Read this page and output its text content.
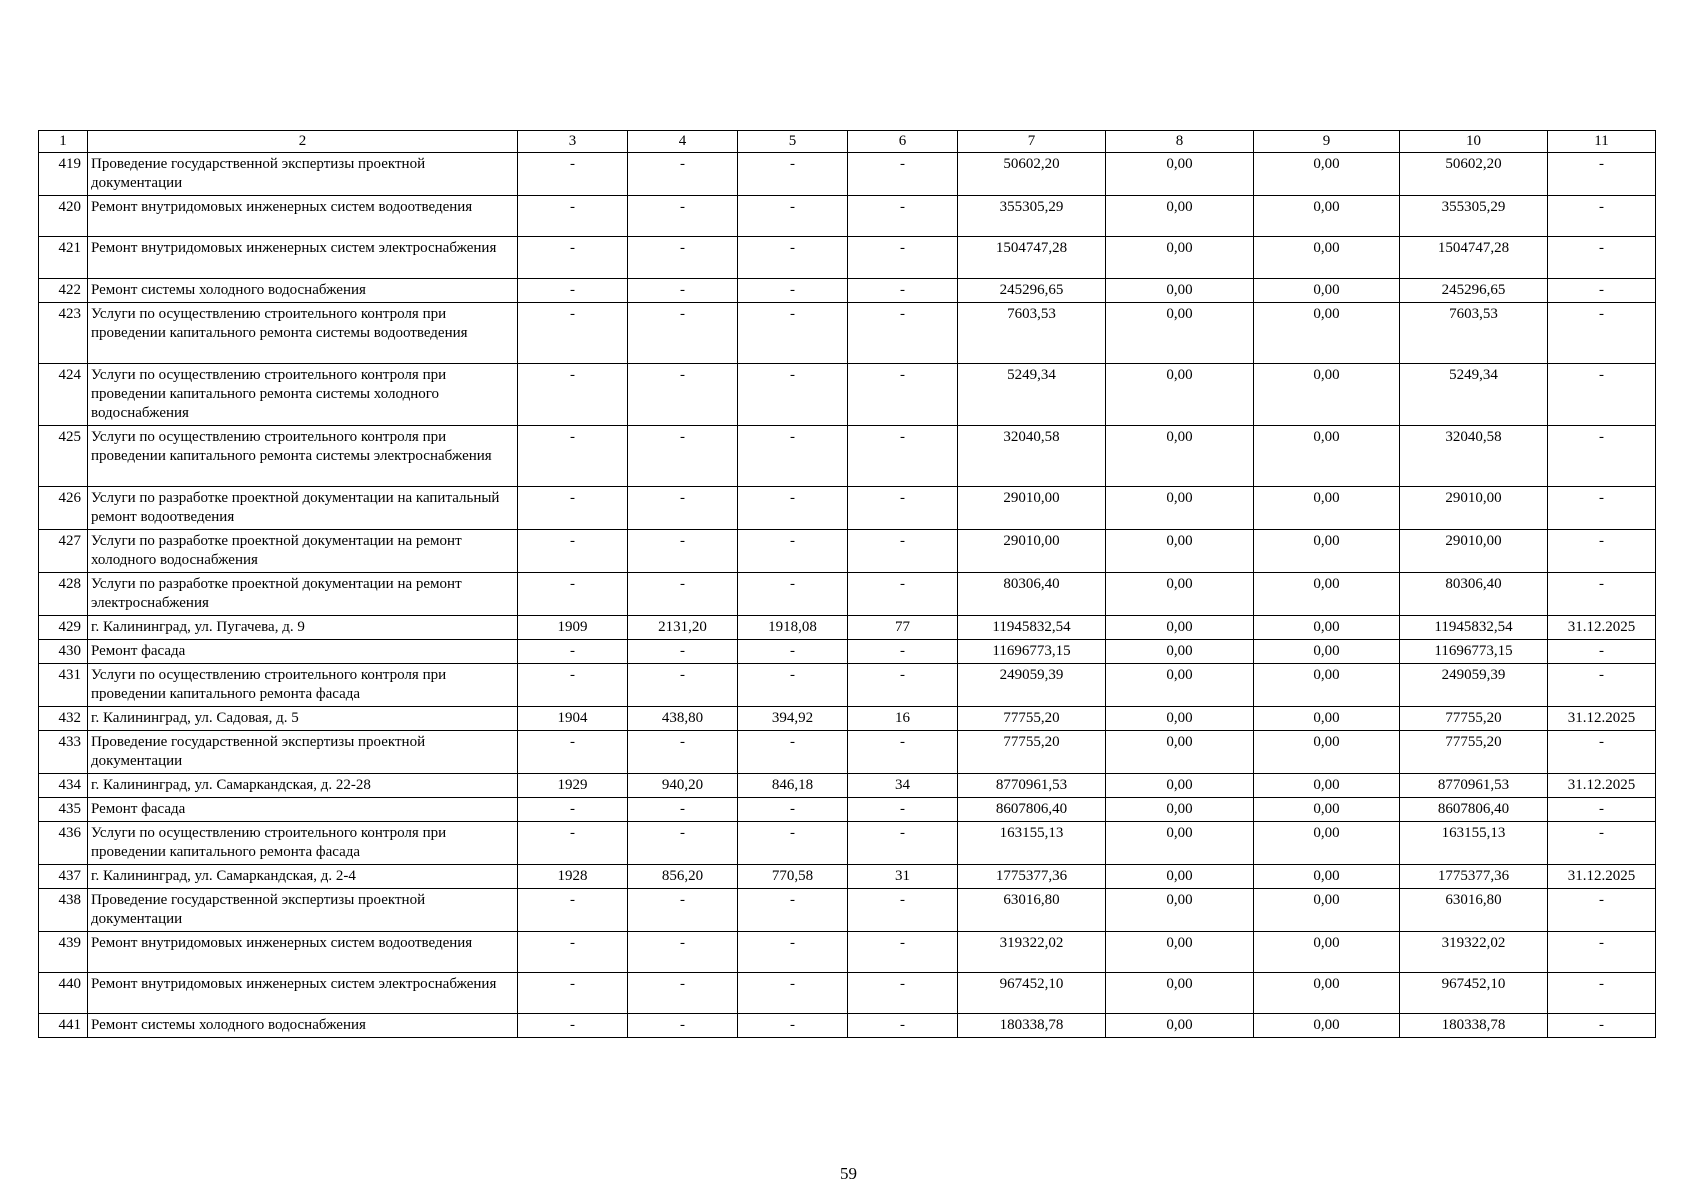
1	2	3	4	5	6	7	8	9	10	11
419	Проведение государственной экспертизы проектной документации	-	-	-	-	50602,20	0,00	0,00	50602,20	-
420	Ремонт внутридомовых инженерных систем водоотведения	-	-	-	-	355305,29	0,00	0,00	355305,29	-
421	Ремонт внутридомовых инженерных систем электроснабжения	-	-	-	-	1504747,28	0,00	0,00	1504747,28	-
422	Ремонт системы холодного водоснабжения	-	-	-	-	245296,65	0,00	0,00	245296,65	-
423	Услуги по осуществлению строительного контроля при проведении капитального ремонта системы водоотведения	-	-	-	-	7603,53	0,00	0,00	7603,53	-
424	Услуги по осуществлению строительного контроля при проведении капитального ремонта системы холодного водоснабжения	-	-	-	-	5249,34	0,00	0,00	5249,34	-
425	Услуги по осуществлению строительного контроля при проведении капитального ремонта системы электроснабжения	-	-	-	-	32040,58	0,00	0,00	32040,58	-
426	Услуги по разработке проектной документации на капитальный ремонт водоотведения	-	-	-	-	29010,00	0,00	0,00	29010,00	-
427	Услуги по разработке проектной документации на ремонт холодного водоснабжения	-	-	-	-	29010,00	0,00	0,00	29010,00	-
428	Услуги по разработке проектной документации на ремонт электроснабжения	-	-	-	-	80306,40	0,00	0,00	80306,40	-
429	г. Калининград, ул. Пугачева, д. 9	1909	2131,20	1918,08	77	11945832,54	0,00	0,00	11945832,54	31.12.2025
430	Ремонт фасада	-	-	-	-	11696773,15	0,00	0,00	11696773,15	-
431	Услуги по осуществлению строительного контроля при проведении капитального ремонта фасада	-	-	-	-	249059,39	0,00	0,00	249059,39	-
432	г. Калининград, ул. Садовая, д. 5	1904	438,80	394,92	16	77755,20	0,00	0,00	77755,20	31.12.2025
433	Проведение государственной экспертизы проектной документации	-	-	-	-	77755,20	0,00	0,00	77755,20	-
434	г. Калининград, ул. Самаркандская, д. 22-28	1929	940,20	846,18	34	8770961,53	0,00	0,00	8770961,53	31.12.2025
435	Ремонт фасада	-	-	-	-	8607806,40	0,00	0,00	8607806,40	-
436	Услуги по осуществлению строительного контроля при проведении капитального ремонта фасада	-	-	-	-	163155,13	0,00	0,00	163155,13	-
437	г. Калининград, ул. Самаркандская, д. 2-4	1928	856,20	770,58	31	1775377,36	0,00	0,00	1775377,36	31.12.2025
438	Проведение государственной экспертизы проектной документации	-	-	-	-	63016,80	0,00	0,00	63016,80	-
439	Ремонт внутридомовых инженерных систем водоотведения	-	-	-	-	319322,02	0,00	0,00	319322,02	-
440	Ремонт внутридомовых инженерных систем электроснабжения	-	-	-	-	967452,10	0,00	0,00	967452,10	-
441	Ремонт системы холодного водоснабжения	-	-	-	-	180338,78	0,00	0,00	180338,78	-
59
